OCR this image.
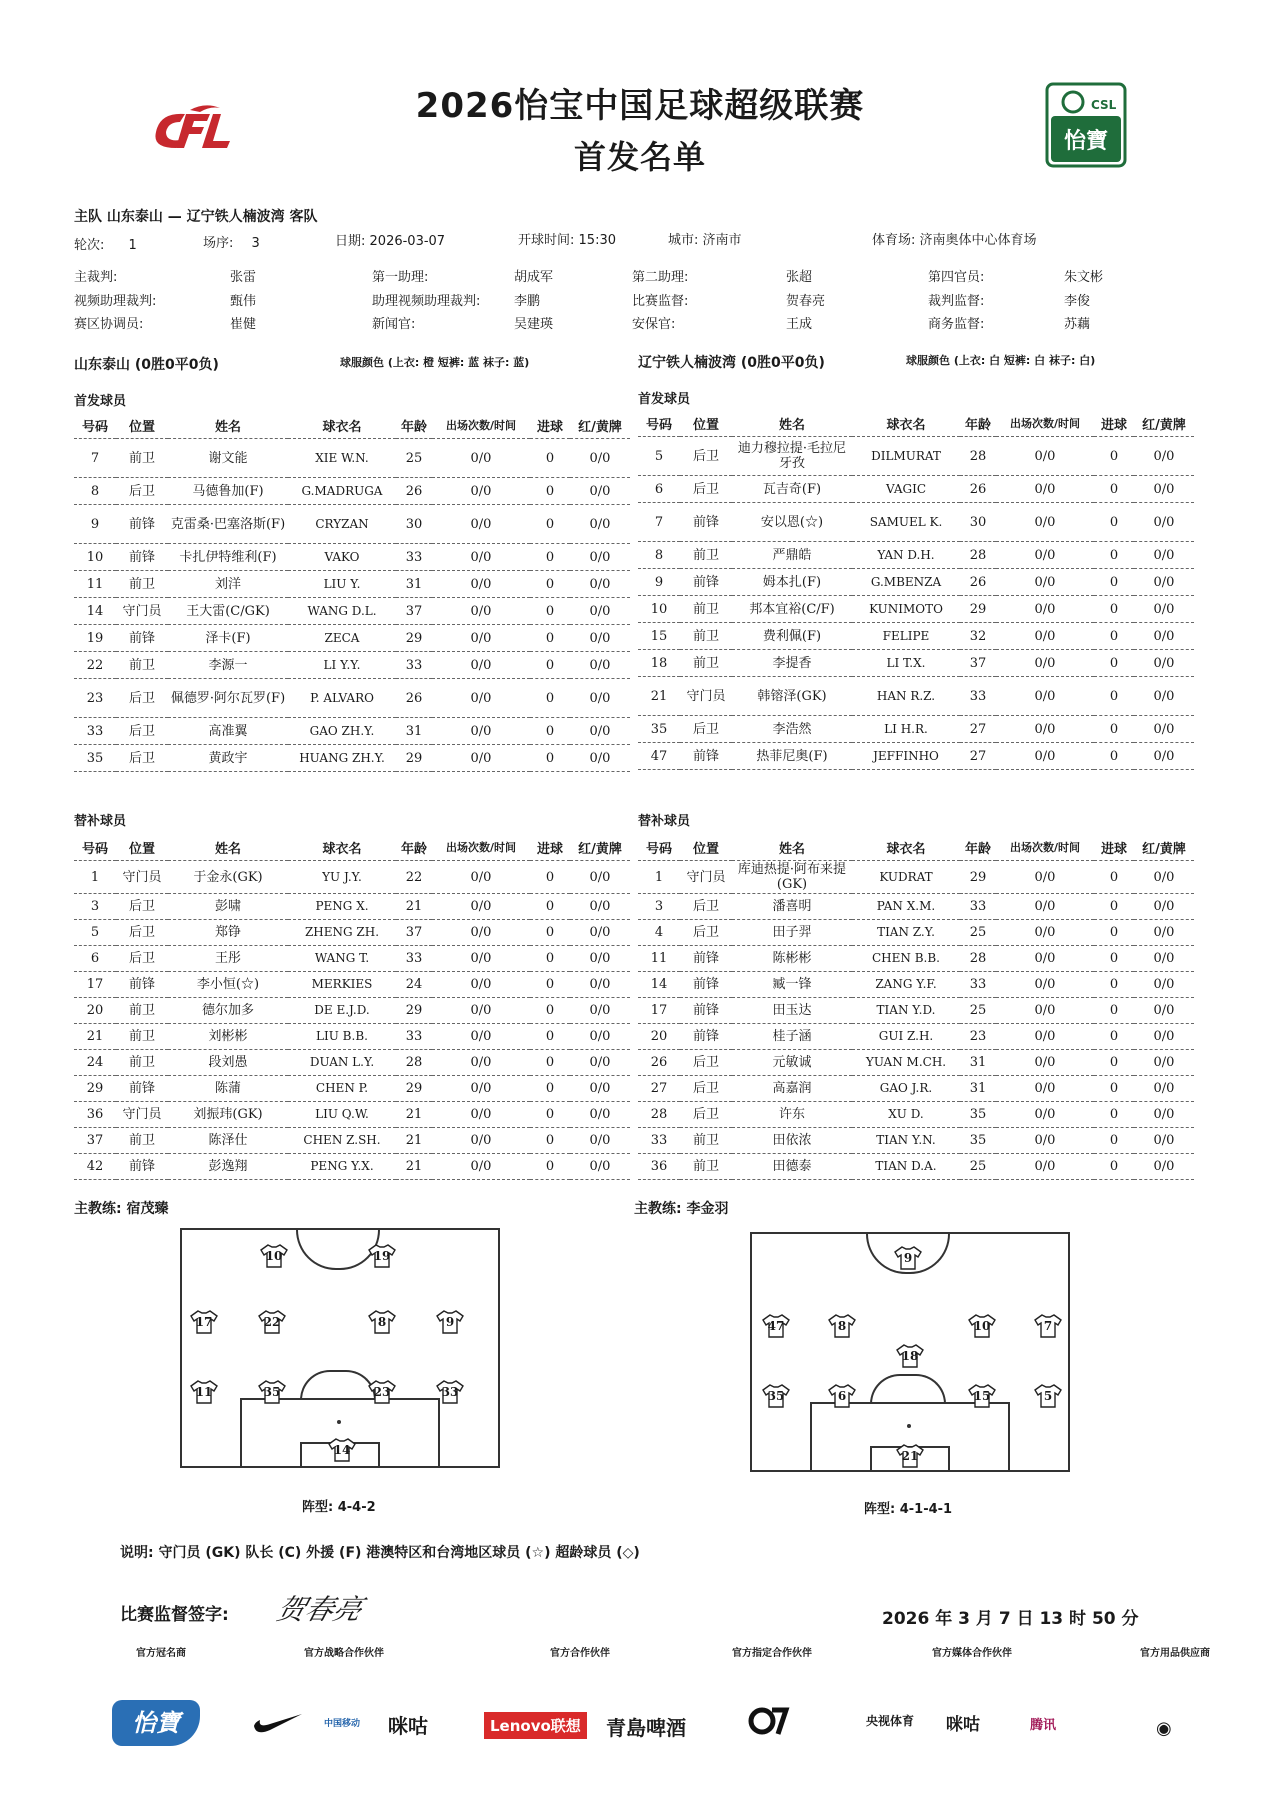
CSL
怡寶
2026怡宝中国足球超级联赛
首发名单
主队 山东泰山 — 辽宁铁人楠波湾 客队
轮次: 1	场序: 3	日期: 2026-03-07	开球时间: 15:30	城市: 济南市	体育场: 济南奥体中心体育场
主裁判:	张雷	第一助理:	胡成军	第二助理:	张超	第四官员:	朱文彬
视频助理裁判:	甄伟	助理视频助理裁判:	李鹏	比赛监督:	贺春亮	裁判监督:	李俊
赛区协调员:	崔健	新闻官:	吴建瑛	安保官:	王成	商务监督:	苏藕
山东泰山 (0胜0平0负)	球服颜色 (上衣: 橙 短裤: 蓝 袜子: 蓝)	辽宁铁人楠波湾 (0胜0平0负)	球服颜色 (上衣: 白 短裤: 白 袜子: 白)
首发球员	首发球员
号码	位置	姓名	球衣名	年龄	出场次数/时间	进球	红/黄牌
7	前卫	谢文能	XIE W.N.	25	0/0	0	0/0
8	后卫	马德鲁加(F)	G.MADRUGA	26	0/0	0	0/0
9	前锋	克雷桑·巴塞洛斯(F)	CRYZAN	30	0/0	0	0/0
10	前锋	卡扎伊特维利(F)	VAKO	33	0/0	0	0/0
11	前卫	刘洋	LIU Y.	31	0/0	0	0/0
14	守门员	王大雷(C/GK)	WANG D.L.	37	0/0	0	0/0
19	前锋	泽卡(F)	ZECA	29	0/0	0	0/0
22	前卫	李源一	LI Y.Y.	33	0/0	0	0/0
23	后卫	佩德罗·阿尔瓦罗(F)	P. ALVARO	26	0/0	0	0/0
33	后卫	高准翼	GAO ZH.Y.	31	0/0	0	0/0
35	后卫	黄政宇	HUANG ZH.Y.	29	0/0	0	0/0
号码	位置	姓名	球衣名	年龄	出场次数/时间	进球	红/黄牌
5	后卫	迪力穆拉提·毛拉尼牙孜	DILMURAT	28	0/0	0	0/0
6	后卫	瓦吉奇(F)	VAGIC	26	0/0	0	0/0
7	前锋	安以恩(☆)	SAMUEL K.	30	0/0	0	0/0
8	前卫	严鼎皓	YAN D.H.	28	0/0	0	0/0
9	前锋	姆本扎(F)	G.MBENZA	26	0/0	0	0/0
10	前卫	邦本宜裕(C/F)	KUNIMOTO	29	0/0	0	0/0
15	前卫	费利佩(F)	FELIPE	32	0/0	0	0/0
18	前卫	李提香	LI T.X.	37	0/0	0	0/0
21	守门员	韩镕泽(GK)	HAN R.Z.	33	0/0	0	0/0
35	后卫	李浩然	LI H.R.	27	0/0	0	0/0
47	前锋	热菲尼奥(F)	JEFFINHO	27	0/0	0	0/0
替补球员	替补球员
号码	位置	姓名	球衣名	年龄	出场次数/时间	进球	红/黄牌
1	守门员	于金永(GK)	YU J.Y.	22	0/0	0	0/0
3	后卫	彭啸	PENG X.	21	0/0	0	0/0
5	后卫	郑铮	ZHENG ZH.	37	0/0	0	0/0
6	后卫	王彤	WANG T.	33	0/0	0	0/0
17	前锋	李小恒(☆)	MERKIES	24	0/0	0	0/0
20	前卫	德尔加多	DE E.J.D.	29	0/0	0	0/0
21	前卫	刘彬彬	LIU B.B.	33	0/0	0	0/0
24	前卫	段刘愚	DUAN L.Y.	28	0/0	0	0/0
29	前锋	陈蒲	CHEN P.	29	0/0	0	0/0
36	守门员	刘振玮(GK)	LIU Q.W.	21	0/0	0	0/0
37	前卫	陈泽仕	CHEN Z.SH.	21	0/0	0	0/0
42	前锋	彭逸翔	PENG Y.X.	21	0/0	0	0/0
号码	位置	姓名	球衣名	年龄	出场次数/时间	进球	红/黄牌
1	守门员	库迪热提·阿布来提(GK)	KUDRAT	29	0/0	0	0/0
3	后卫	潘喜明	PAN X.M.	33	0/0	0	0/0
4	后卫	田子羿	TIAN Z.Y.	25	0/0	0	0/0
11	前锋	陈彬彬	CHEN B.B.	28	0/0	0	0/0
14	前锋	臧一锋	ZANG Y.F.	33	0/0	0	0/0
17	前锋	田玉达	TIAN Y.D.	25	0/0	0	0/0
20	前锋	桂子涵	GUI Z.H.	23	0/0	0	0/0
26	后卫	元敏诚	YUAN M.CH.	31	0/0	0	0/0
27	后卫	高嘉润	GAO J.R.	31	0/0	0	0/0
28	后卫	许东	XU D.	35	0/0	0	0/0
33	前卫	田依浓	TIAN Y.N.	35	0/0	0	0/0
36	前卫	田德泰	TIAN D.A.	25	0/0	0	0/0
主教练: 宿茂臻	主教练: 李金羽
10	19
17	22	8	9
11	35	23	33
14
9
47	8	10	7
18
35	6	15	5
21
阵型: 4-4-2	阵型: 4-1-4-1
说明: 守门员 (GK) 队长 (C) 外援 (F) 港澳特区和台湾地区球员 (☆) 超龄球员 (◇)
比赛监督签字: 贺春亮	2026 年 3 月 7 日 13 时 50 分
官方冠名商	官方战略合作伙伴	官方合作伙伴	官方指定合作伙伴	官方媒体合作伙伴	官方用品供应商
怡寶	中国移动 咪咕	Lenovo联想	青島啤酒	央视体育 咪咕	腾讯	◉
